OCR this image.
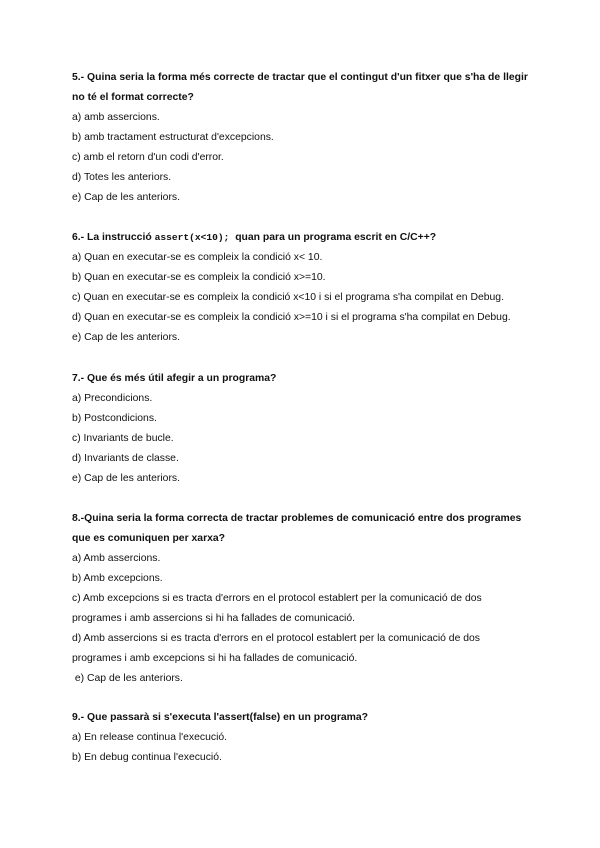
5.- Quina seria la forma més correcte de tractar que el contingut d'un fitxer que s'ha de llegir
no té el format correcte?
a) amb assercions.
b) amb tractament estructurat d'excepcions.
c) amb el retorn d'un codi d'error.
d) Totes les anteriors.
e) Cap de les anteriors.
6.- La instrucció assert(x<10);  quan para un programa escrit en C/C++?
a) Quan en executar-se es compleix la condició x< 10.
b) Quan en executar-se es compleix la condició x>=10.
c) Quan en executar-se es compleix la condició x<10 i si el programa s'ha compilat en Debug.
d) Quan en executar-se es compleix la condició x>=10 i si el programa s'ha compilat en Debug.
e) Cap de les anteriors.
7.- Que és més útil afegir a un programa?
a) Precondicions.
b) Postcondicions.
c) Invariants de bucle.
d) Invariants de classe.
e) Cap de les anteriors.
8.-Quina seria la forma correcta de tractar problemes de comunicació entre dos programes
que es comuniquen per xarxa?
a) Amb assercions.
b) Amb excepcions.
c) Amb excepcions si es tracta d'errors en el protocol establert per la comunicació de dos
programes i amb assercions si hi ha fallades de comunicació.
d) Amb assercions si es tracta d'errors en el protocol establert per la comunicació de dos
programes i amb excepcions si hi ha fallades de comunicació.
e) Cap de les anteriors.
9.- Que passarà si s'executa l'assert(false) en un programa?
a) En release continua l'execució.
b) En debug continua l'execució.
